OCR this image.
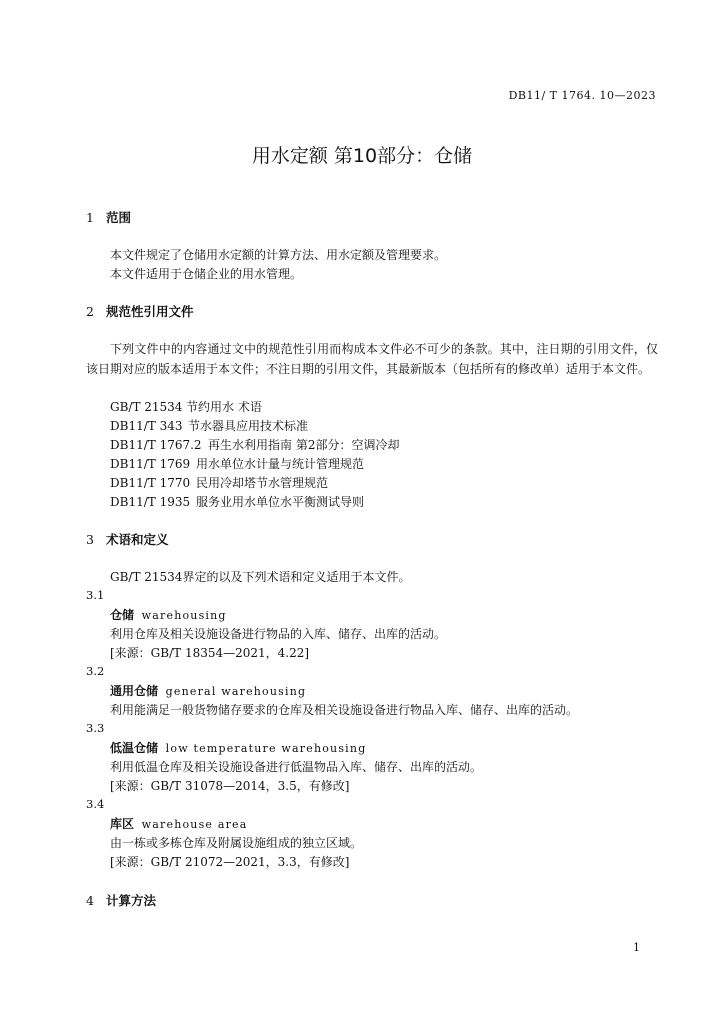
DB11/ T 1764. 10—2023
用水定额 第10部分：仓储
1 范围
本文件规定了仓储用水定额的计算方法、用水定额及管理要求。
本文件适用于仓储企业的用水管理。
2 规范性引用文件
下列文件中的内容通过文中的规范性引用而构成本文件必不可少的条款。其中，注日期的引用文件，仅该日期对应的版本适用于本文件；不注日期的引用文件，其最新版本（包括所有的修改单）适用于本文件。
GB/T 21534 节约用水 术语
DB11/T 343 节水器具应用技术标准
DB11/T 1767.2 再生水利用指南 第2部分：空调冷却
DB11/T 1769 用水单位水计量与统计管理规范
DB11/T 1770 民用冷却塔节水管理规范
DB11/T 1935 服务业用水单位水平衡测试导则
3 术语和定义
GB/T 21534界定的以及下列术语和定义适用于本文件。
3.1
仓储 warehousing
利用仓库及相关设施设备进行物品的入库、储存、出库的活动。
[来源：GB/T 18354—2021，4.22]
3.2
通用仓储 general warehousing
利用能满足一般货物储存要求的仓库及相关设施设备进行物品入库、储存、出库的活动。
3.3
低温仓储 low temperature warehousing
利用低温仓库及相关设施设备进行低温物品入库、储存、出库的活动。
[来源：GB/T 31078—2014，3.5，有修改]
3.4
库区 warehouse area
由一栋或多栋仓库及附属设施组成的独立区域。
[来源：GB/T 21072—2021，3.3，有修改]
4 计算方法
1
